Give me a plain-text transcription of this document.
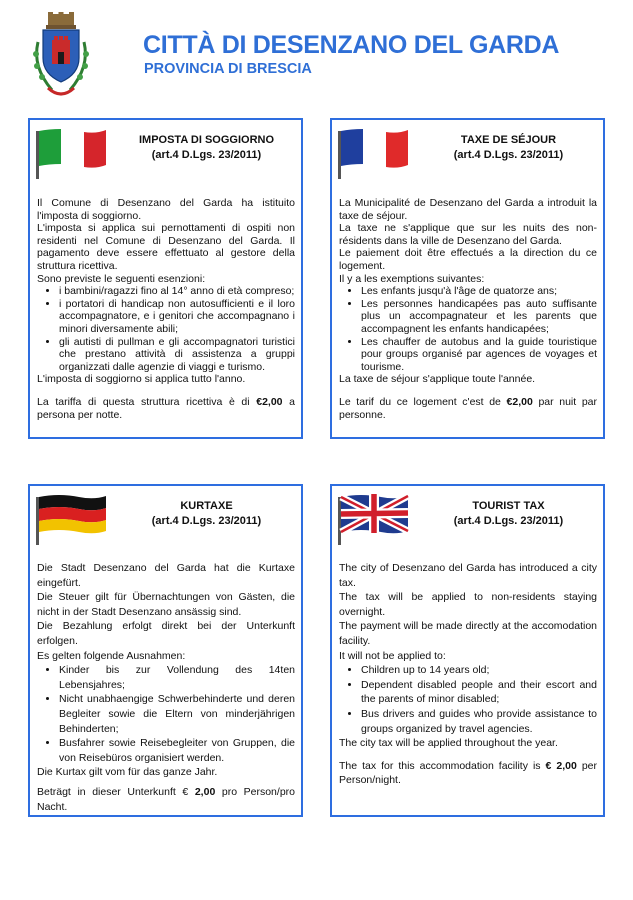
CITTÀ DI DESENZANO DEL GARDA
PROVINCIA DI BRESCIA
IMPOSTA DI SOGGIORNO
(art.4 D.Lgs. 23/2011)

Il Comune di Desenzano del Garda ha istituito l'imposta di soggiorno.

L'imposta si applica sui pernottamenti di ospiti non residenti nel Comune di Desenzano del Garda. Il pagamento deve essere effettuato al gestore della struttura ricettiva.

Sono previste le seguenti esenzioni:

• i bambini/ragazzi fino al 14° anno di età compreso;
• i portatori di handicap non autosufficienti e il loro accompagnatore, e i genitori che accompagnano i minori diversamente abili;
• gli autisti di pullman e gli accompagnatori turistici che prestano attività di assistenza a gruppi organizzati dalle agenzie di viaggi e turismo.

L'imposta di soggiorno si applica tutto l'anno.

La tariffa di questa struttura ricettiva è di €2,00 a persona per notte.

TAXE DE SÉJOUR
(art.4 D.Lgs. 23/2011)

La Municipalité de Desenzano del Garda a introduit la taxe de séjour.

La taxe ne s'applique que sur les nuits des non-résidents dans la ville de Desenzano del Garda.

Le paiement doit être effectués a la direction du ce logement.

Il y a les exemptions suivantes:

• Les enfants jusqu'à l'âge de quatorze ans;
• Les personnes handicapées pas auto suffisante plus un accompagnateur et les parents que accompagnent les enfants handicapées;
• Les chauffer de autobus and la guide touristique pour groups organisé par agences de voyages et tourisme.

La taxe de séjour s'applique toute l'année.

Le tarif du ce logement c'est de €2,00 par nuit par personne.

KURTAXE
(art.4 D.Lgs. 23/2011)

Die Stadt Desenzano del Garda hat die Kurtaxe eingefürt.

Die Steuer gilt für Übernachtungen von Gästen, die nicht in der Stadt Desenzano ansässig sind.

Die Bezahlung erfolgt direkt bei der Unterkunft erfolgen.

Es gelten folgende Ausnahmen:

• Kinder bis zur Vollendung des 14ten Lebensjahres;
• Nicht unabhaengige Schwerbehinderte und deren Begleiter sowie die Eltern von minderjährigen Behinderten;
• Busfahrer sowie Reisebegleiter von Gruppen, die von Reisebüros organisiert werden.

Die Kurtax gilt vom für das ganze Jahr.

Beträgt in dieser Unterkunft € 2,00 pro Person/pro Nacht.

TOURIST TAX
(art.4 D.Lgs. 23/2011)

The city of Desenzano del Garda has introduced a city tax.

The tax will be applied to non-residents staying overnight.

The payment will be made directly at the accomodation facility.

It will not be applied to:

• Children up to 14 years old;
• Dependent disabled people and their escort and the parents of minor disabled;
• Bus drivers and guides who provide assistance to groups organized by travel agencies.

The city tax will be applied throughout the year.

The tax for this accommodation facility is € 2,00 per Person/night.
